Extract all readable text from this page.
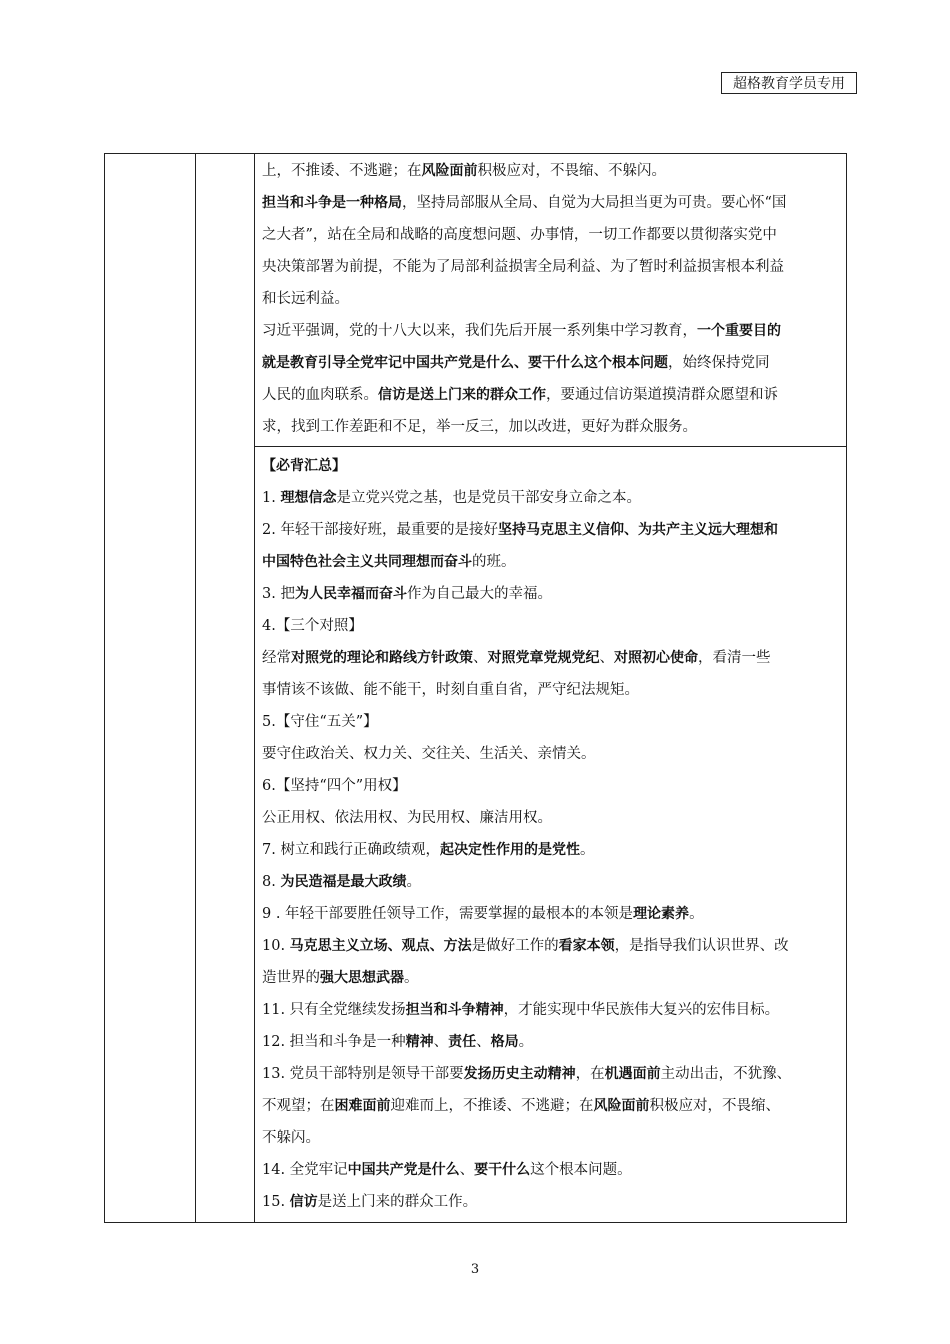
超格教育学员专用

上，不推诿、不逃避；在风险面前积极应对，不畏缩、不躲闪。

担当和斗争是一种格局，坚持局部服从全局、自觉为大局担当更为可贵。要心怀“国

之大者”，站在全局和战略的高度想问题、办事情，一切工作都要以贯彻落实党中

央决策部署为前提，不能为了局部利益损害全局利益、为了暂时利益损害根本利益

和长远利益。

习近平强调，党的十八大以来，我们先后开展一系列集中学习教育，一个重要目的

就是教育引导全党牢记中国共产党是什么、要干什么这个根本问题，始终保持党同

人民的血肉联系。信访是送上门来的群众工作，要通过信访渠道摸清群众愿望和诉

求，找到工作差距和不足，举一反三，加以改进，更好为群众服务。

【必背汇总】

1. 理想信念是立党兴党之基，也是党员干部安身立命之本。

2. 年轻干部接好班，最重要的是接好坚持马克思主义信仰、为共产主义远大理想和

中国特色社会主义共同理想而奋斗的班。

3. 把为人民幸福而奋斗作为自己最大的幸福。

4.【三个对照】

经常对照党的理论和路线方针政策、对照党章党规党纪、对照初心使命，看清一些

事情该不该做、能不能干，时刻自重自省，严守纪法规矩。

5.【守住“五关”】

要守住政治关、权力关、交往关、生活关、亲情关。

6.【坚持“四个”用权】

公正用权、依法用权、为民用权、廉洁用权。

7. 树立和践行正确政绩观，起决定性作用的是党性。

8. 为民造福是最大政绩。

9 . 年轻干部要胜任领导工作，需要掌握的最根本的本领是理论素养。

10. 马克思主义立场、观点、方法是做好工作的看家本领，是指导我们认识世界、改

造世界的强大思想武器。

11. 只有全党继续发扬担当和斗争精神，才能实现中华民族伟大复兴的宏伟目标。

12. 担当和斗争是一种精神、责任、格局。

13. 党员干部特别是领导干部要发扬历史主动精神，在机遇面前主动出击，不犹豫、

不观望；在困难面前迎难而上，不推诿、不逃避；在风险面前积极应对，不畏缩、

不躲闪。

14. 全党牢记中国共产党是什么、要干什么这个根本问题。

15. 信访是送上门来的群众工作。

3
